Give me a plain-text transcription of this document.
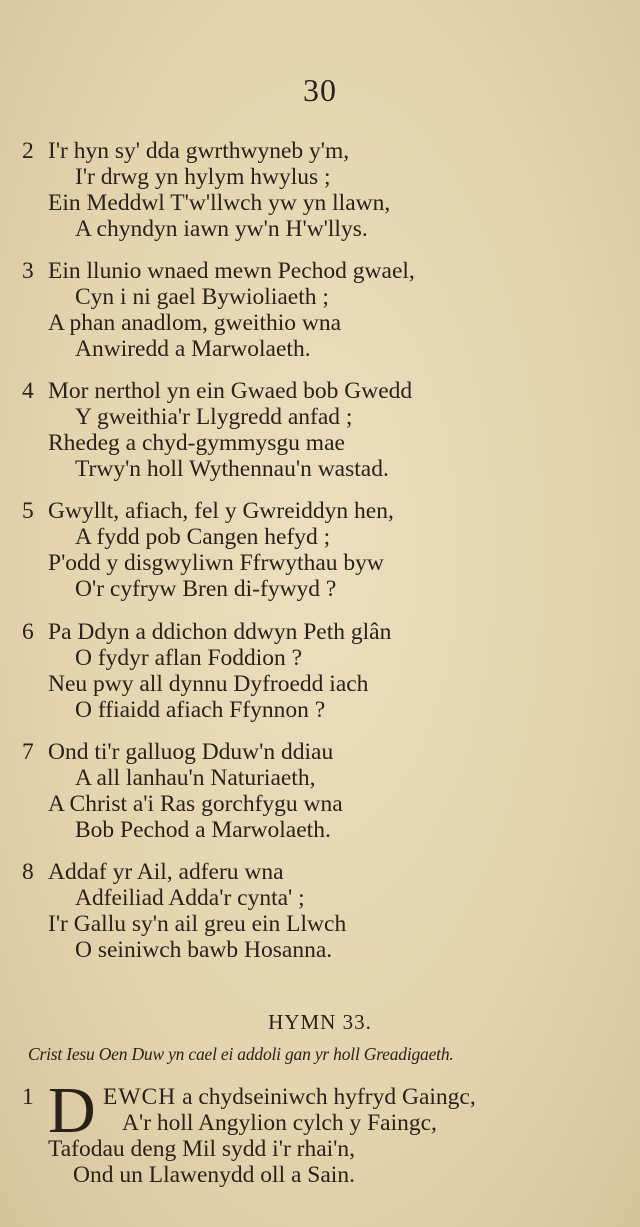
30
2 I'r hyn sy' dda gwrthwyneb y'm,
I'r drwg yn hylym hwylus ;
Ein Meddwl T'w'llwch yw yn llawn,
A chyndyn iawn yw'n H'w'llys.
3 Ein llunio wnaed mewn Pechod gwael,
Cyn i ni gael Bywioliaeth ;
A phan anadlom, gweithio wna
Anwiredd a Marwolaeth.
4 Mor nerthol yn ein Gwaed bob Gwedd
Y gweithia'r Llygredd anfad ;
Rhedeg a chyd-gymmysgu mae
Trwy'n holl Wythennau'n wastad.
5 Gwyllt, afiach, fel y Gwreiddyn hen,
A fydd pob Cangen hefyd ;
P'odd y disgwyliwn Ffrwythau byw
O'r cyfryw Bren di-fywyd ?
6 Pa Ddyn a ddichon ddwyn Peth glân
O fydyr aflan Foddion ?
Neu pwy all dynnu Dyfroedd iach
O ffiaidd afiach Ffynnon ?
7 Ond ti'r galluog Dduw'n ddiau
A all lanhau'n Naturiaeth,
A Christ a'i Ras gorchfygu wna
Bob Pechod a Marwolaeth.
8 Addaf yr Ail, adferu wna
Adfeiliad Adda'r cynta' ;
I'r Gallu sy'n ail greu ein Llwch
O seiniwch bawb Hosanna.
HYMN 33.
Crist Iesu Oen Duw yn cael ei addoli gan yr holl Greadigaeth.
1 D EWCH a chydseiniwch hyfryd Gaingc,
A'r holl Angylion cylch y Faingc,
Tafodau deng Mil sydd i'r rhai'n,
Ond un Llawenydd oll a Sain.
